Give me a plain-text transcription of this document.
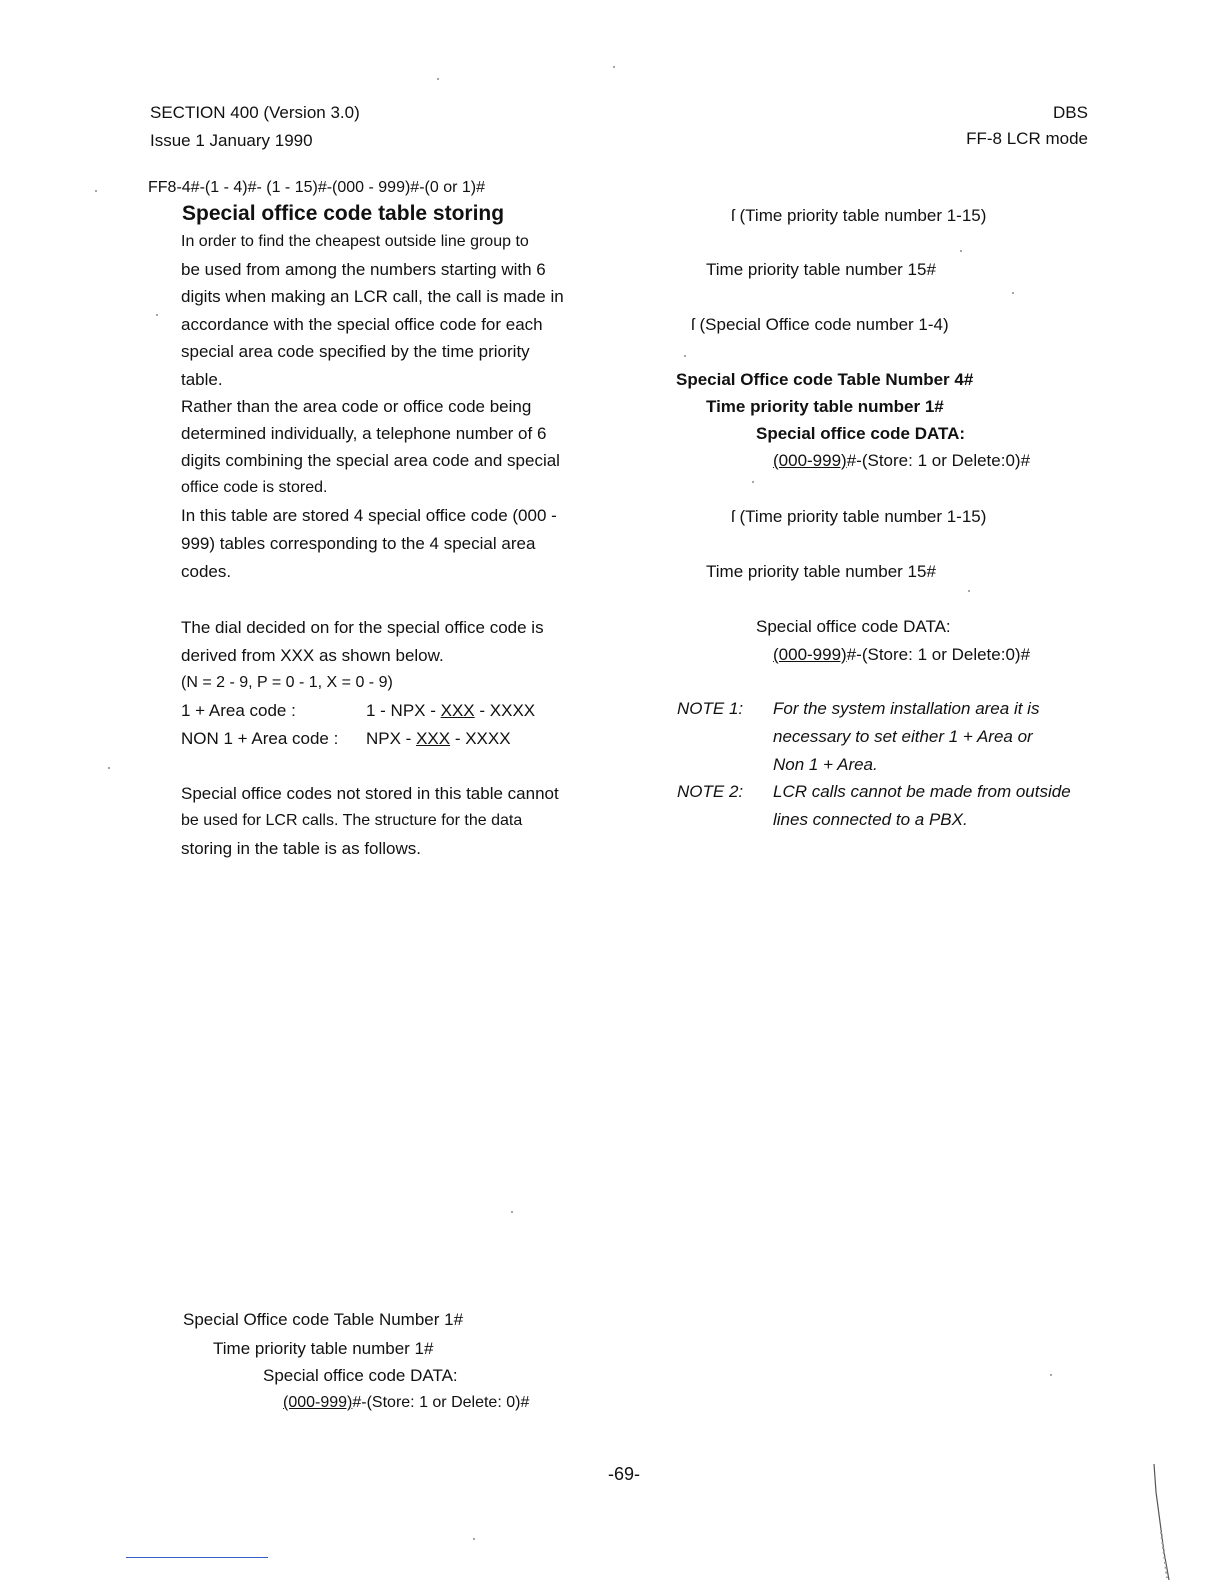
SECTION 400 (Version 3.0)
Issue 1 January 1990
DBS
FF-8 LCR mode
FF8-4#-(1 - 4)#- (1 - 15)#-(000 - 999)#-(0 or 1)#
Special office code table storing
In order to find the cheapest outside line group to
be used from among the numbers starting with 6
digits when making an LCR call, the call is made in
accordance with the special office code for each
special area code specified by the time priority
table.
Rather than the area code or office code being
determined individually, a telephone number of 6
digits combining the special area code and special
office code is stored.
In this table are stored 4 special office code (000 -
999) tables corresponding to the 4 special area
codes.
The dial decided on for the special office code is
derived from XXX as shown below.
(N = 2 - 9, P = 0 - 1, X = 0 - 9)
1 + Area code :	1 - NPX - XXX - XXXX
NON 1 + Area code : NPX - XXX - XXXX
Special office codes not stored in this table cannot
be used for LCR calls. The structure for the data
storing in the table is as follows.
ſ (Time priority table number 1-15)
Time priority table number 15#
ſ (Special Office code number 1-4)
Special Office code Table Number 4#
Time priority table number 1#
Special office code DATA:
(000-999)#-(Store: 1 or Delete:0)#
ſ (Time priority table number 1-15)
Time priority table number 15#
Special office code DATA:
(000-999)#-(Store: 1 or Delete:0)#
NOTE 1: For the system installation area it is
necessary to set either 1 + Area or
Non 1 + Area.
NOTE 2: LCR calls cannot be made from outside
lines connected to a PBX.
Special Office code Table Number 1#
Time priority table number 1#
Special office code DATA:
(000-999)#-(Store: 1 or Delete: 0)#
-69-
